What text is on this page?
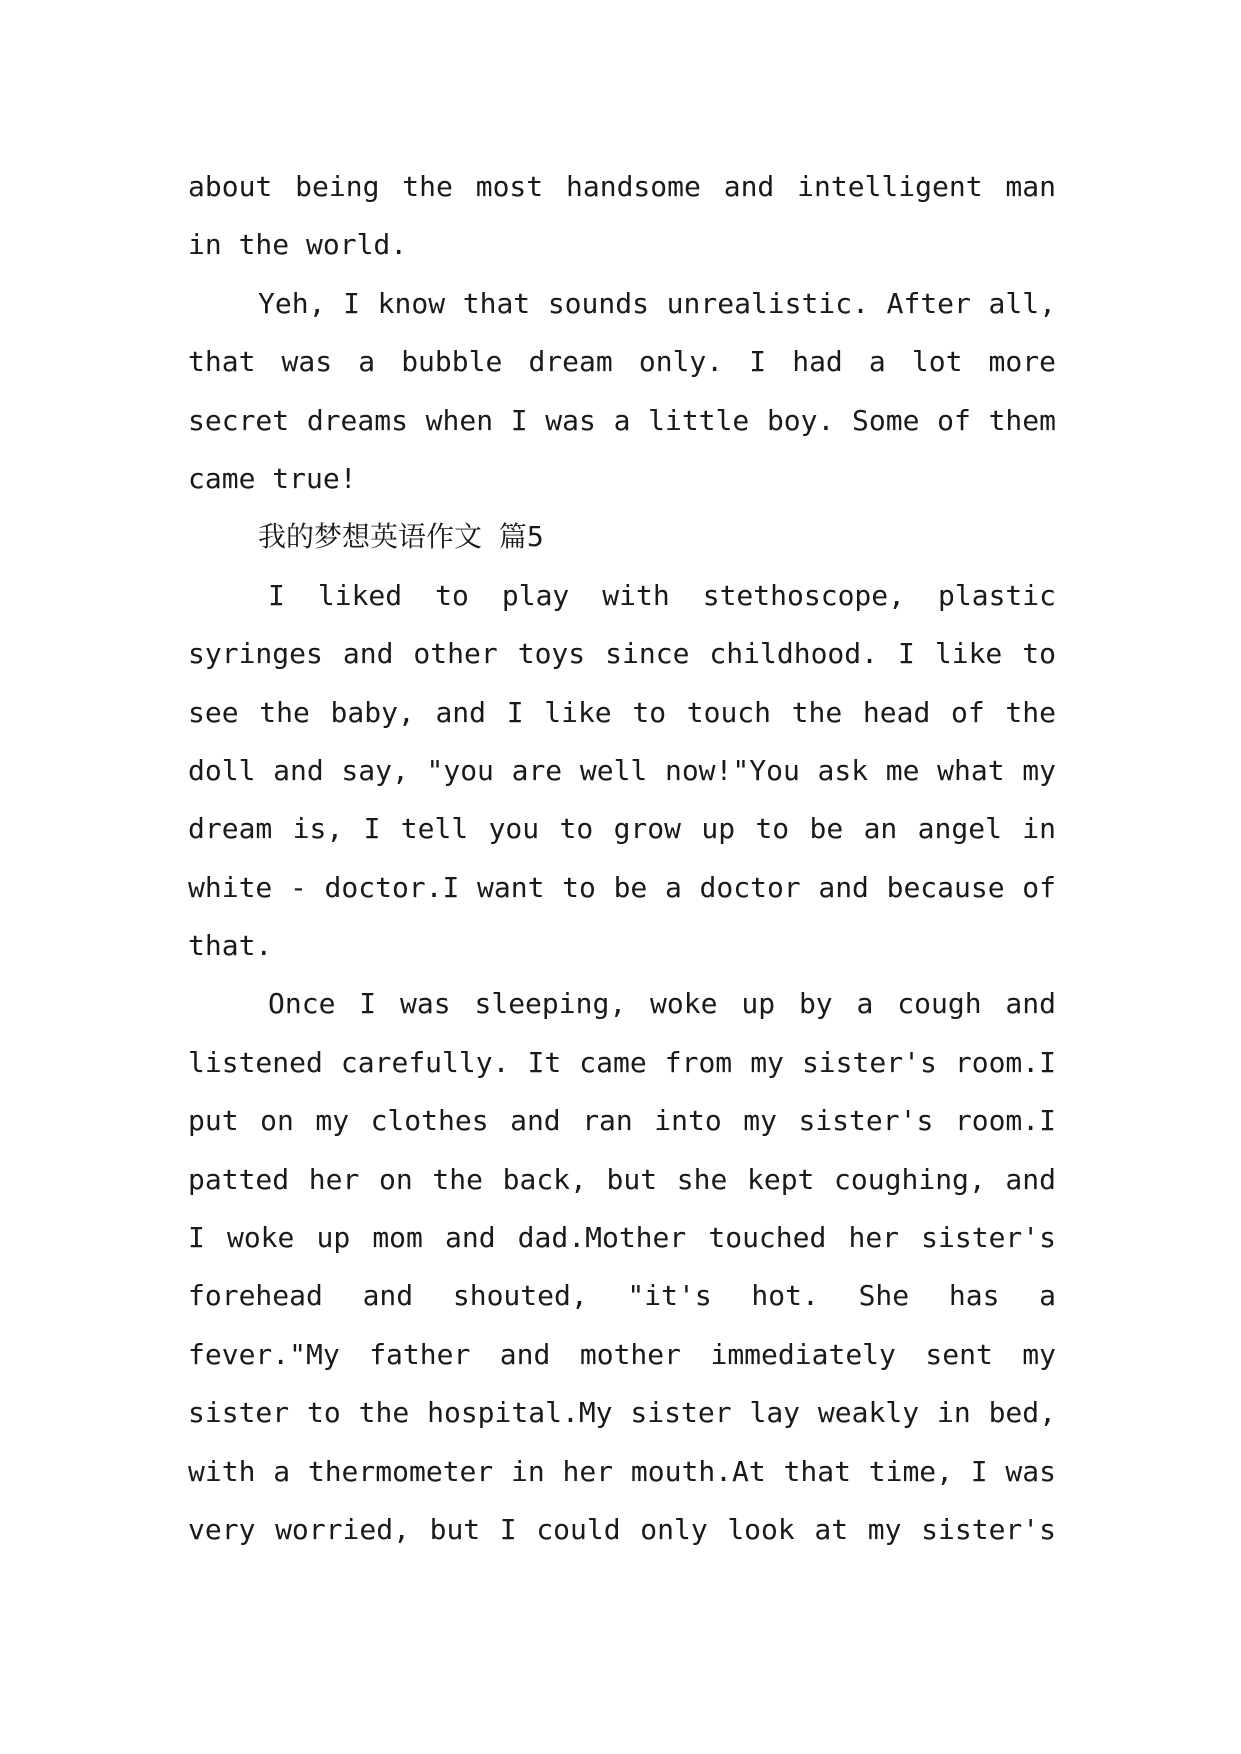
about being the most handsome and intelligent man
in the world.
Yeh, I know that sounds unrealistic. After all,
that was a bubble dream only. I had a lot more
secret dreams when I was a little boy. Some of them
came true!
我的梦想英语作文 篇5
I liked to play with stethoscope, plastic
syringes and other toys since childhood. I like to
see the baby, and I like to touch the head of the
doll and say, "you are well now!"You ask me what my
dream is, I tell you to grow up to be an angel in
white - doctor.I want to be a doctor and because of
that.
Once I was sleeping, woke up by a cough and
listened carefully. It came from my sister's room.I
put on my clothes and ran into my sister's room.I
patted her on the back, but she kept coughing, and
I woke up mom and dad.Mother touched her sister's
forehead and shouted, "it's hot. She has a
fever."My father and mother immediately sent my
sister to the hospital.My sister lay weakly in bed,
with a thermometer in her mouth.At that time, I was
very worried, but I could only look at my sister's
